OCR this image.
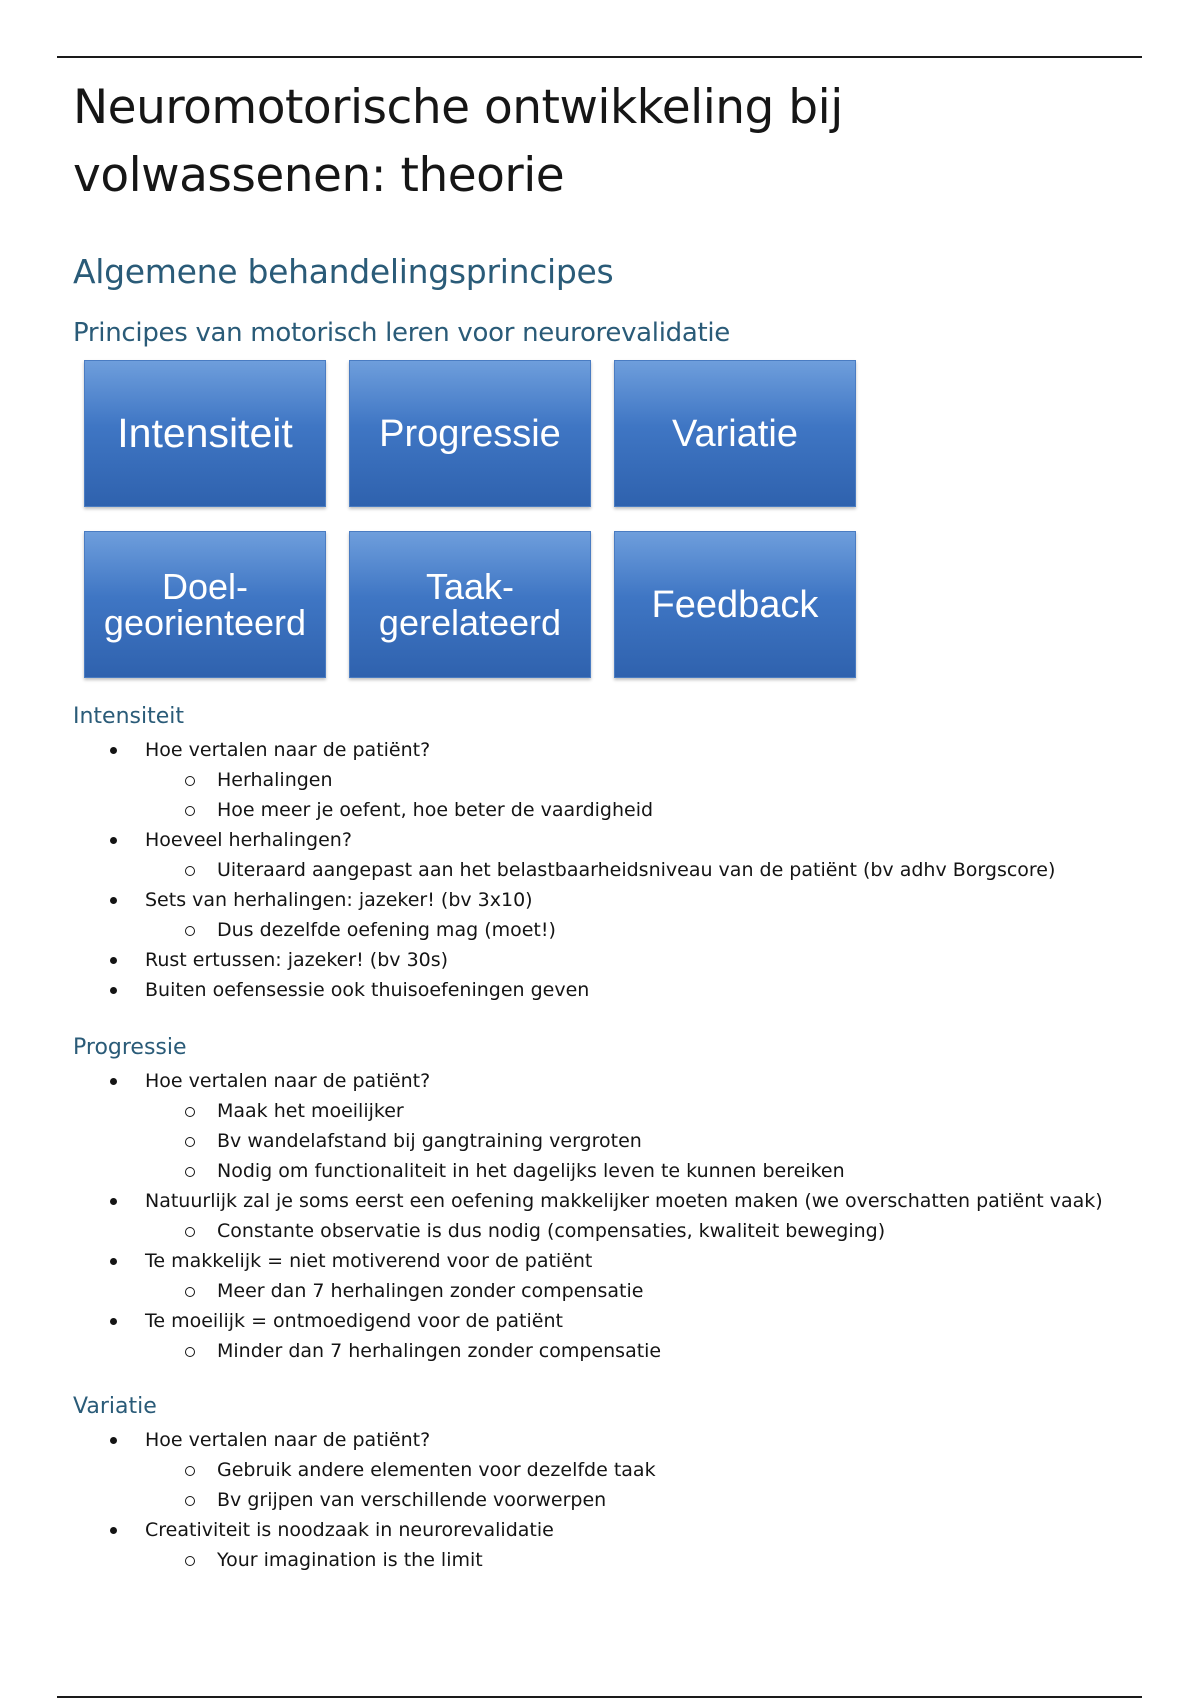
Neuromotorische ontwikkeling bij volwassenen: theorie
Algemene behandelingsprincipes
Principes van motorisch leren voor neurorevalidatie
Intensiteit	Progressie	Variatie
Doel-
georienteerd
Taak-
gerelateerd	Feedback
Intensiteit
Hoe vertalen naar de patiënt?
Herhalingen
Hoe meer je oefent, hoe beter de vaardigheid
Hoeveel herhalingen?
Uiteraard aangepast aan het belastbaarheidsniveau van de patiënt (bv adhv Borgscore)
Sets van herhalingen: jazeker! (bv 3x10)
Dus dezelfde oefening mag (moet!)
Rust ertussen: jazeker! (bv 30s)
Buiten oefensessie ook thuisoefeningen geven
Progressie
Hoe vertalen naar de patiënt?
Maak het moeilijker
Bv wandelafstand bij gangtraining vergroten
Nodig om functionaliteit in het dagelijks leven te kunnen bereiken
Natuurlijk zal je soms eerst een oefening makkelijker moeten maken (we overschatten patiënt vaak)
Constante observatie is dus nodig (compensaties, kwaliteit beweging)
Te makkelijk = niet motiverend voor de patiënt
Meer dan 7 herhalingen zonder compensatie
Te moeilijk = ontmoedigend voor de patiënt
Minder dan 7 herhalingen zonder compensatie
Variatie
Hoe vertalen naar de patiënt?
Gebruik andere elementen voor dezelfde taak
Bv grijpen van verschillende voorwerpen
Creativiteit is noodzaak in neurorevalidatie
Your imagination is the limit
